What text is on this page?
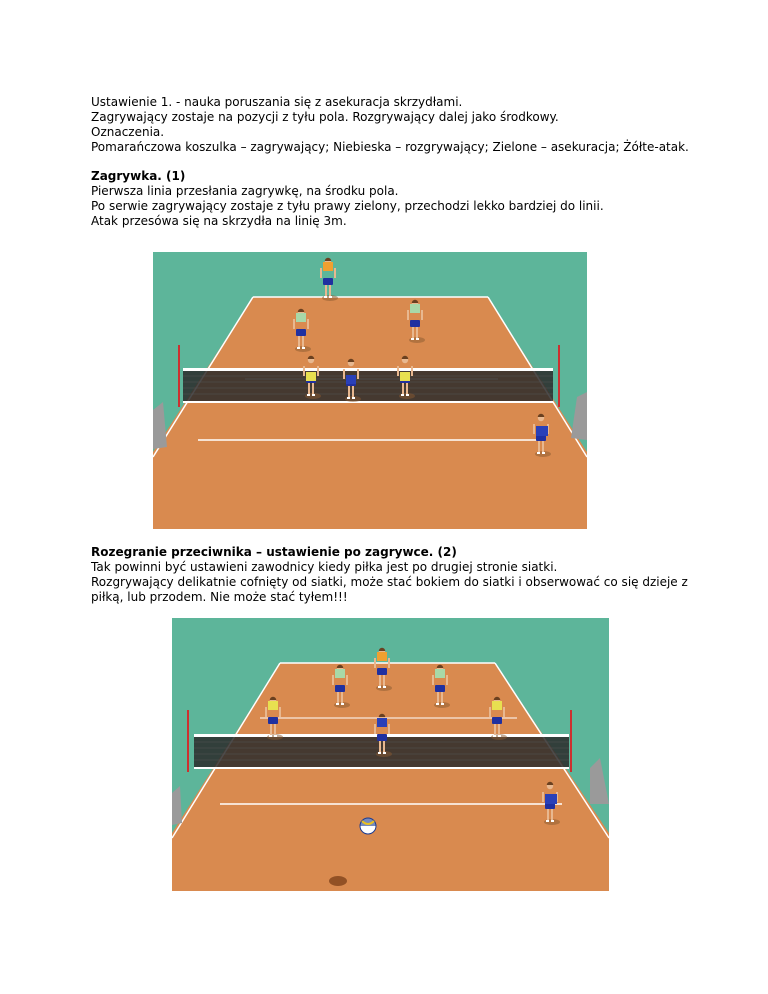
Ustawienie 1. - nauka poruszania się z asekuracja skrzydłami.

Zagrywający zostaje na pozycji z tyłu pola. Rozgrywający dalej jako środkowy.

Oznaczenia.

Pomarańczowa koszulka – zagrywający; Niebieska – rozgrywający; Zielone – asekuracja; Żółte-atak.

Zagrywka. (1)

Pierwsza linia przesłania zagrywkę, na środku pola.

Po serwie zagrywający zostaje z tyłu prawy zielony, przechodzi lekko bardziej do linii.

Atak przesówa się na skrzydła na linię 3m.

Rozegranie przeciwnika – ustawienie po zagrywce. (2)

Tak powinni być ustawieni zawodnicy kiedy piłka jest po drugiej stronie siatki.

Rozgrywający delikatnie cofnięty od siatki, może stać bokiem do siatki i obserwować co się dzieje z piłką, lub przodem. Nie może stać tyłem!!!
